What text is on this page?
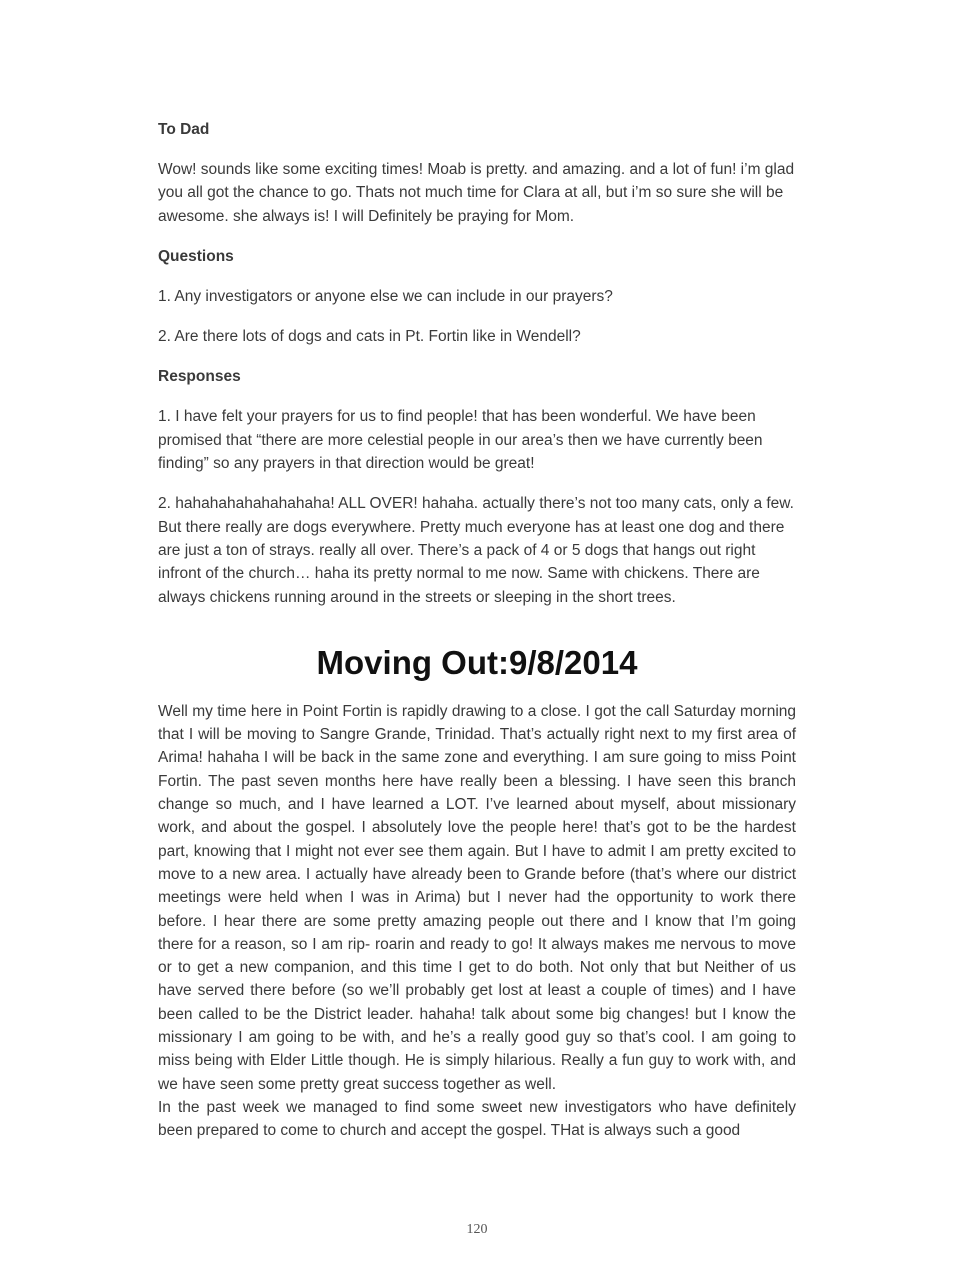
To Dad

Wow! sounds like some exciting times! Moab is pretty. and amazing. and a lot of fun! i’m glad you all got the chance to go. Thats not much time for Clara at all, but i’m so sure she will be awesome. she always is! I will Definitely be praying for Mom.

Questions

1. Any investigators or anyone else we can include in our prayers?

2. Are there lots of dogs and cats in Pt. Fortin like in Wendell?

Responses

1. I have felt your prayers for us to find people! that has been wonderful. We have been promised that “there are more celestial people in our area’s then we have currently been finding” so any prayers in that direction would be great!

2. hahahahahahahahaha! ALL OVER! hahaha. actually there’s not too many cats, only a few. But there really are dogs everywhere. Pretty much everyone has at least one dog and there are just a ton of strays. really all over. There’s a pack of 4 or 5 dogs that hangs out right infront of the church… haha its pretty normal to me now. Same with chickens. There are always chickens running around in the streets or sleeping in the short trees.

Moving Out:9/8/2014

Well my time here in Point Fortin is rapidly drawing to a close. I got the call Saturday morning that I will be moving to Sangre Grande, Trinidad. That’s actually right next to my first area of Arima! hahaha I will be back in the same zone and everything. I am sure going to miss Point Fortin. The past seven months here have really been a blessing. I have seen this branch change so much, and I have learned a LOT. I’ve learned about myself, about missionary work, and about the gospel. I absolutely love the people here! that’s got to be the hardest part, knowing that I might not ever see them again. But I have to admit I am pretty excited to move to a new area. I actually have already been to Grande before (that’s where our district meetings were held when I was in Arima) but I never had the opportunity to work there before. I hear there are some pretty amazing people out there and I know that I’m going there for a reason, so I am rip- roarin and ready to go! It always makes me nervous to move or to get a new companion, and this time I get to do both. Not only that but Neither of us have served there before (so we’ll probably get lost at least a couple of times) and I have been called to be the District leader. hahaha! talk about some big changes! but I know the missionary I am going to be with, and he’s a really good guy so that’s cool. I am going to miss being with Elder Little though. He is simply hilarious. Really a fun guy to work with, and we have seen some pretty great success together as well.

In the past week we managed to find some sweet new investigators who have definitely been prepared to come to church and accept the gospel. THat is always such a good

120
